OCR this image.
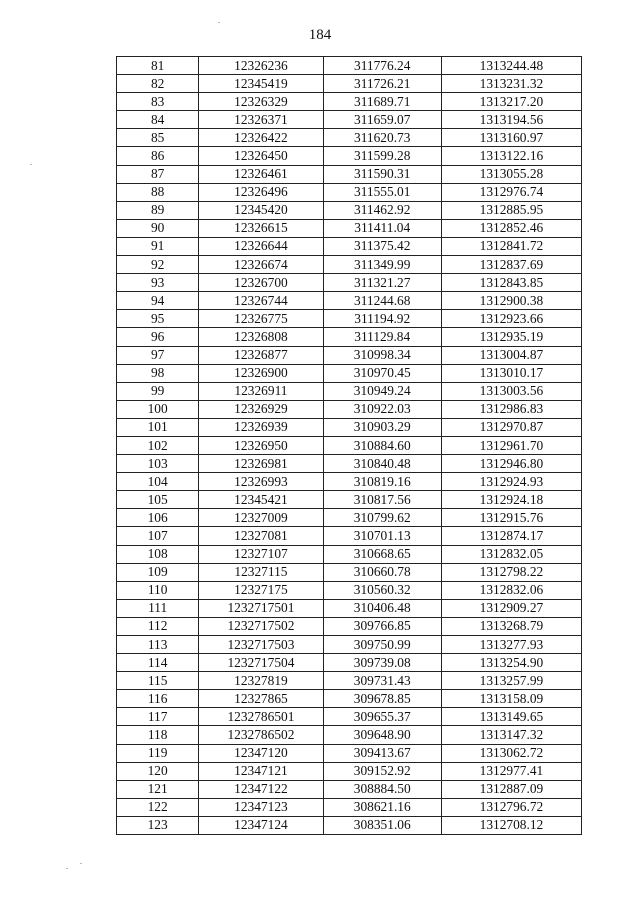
184
81	12326236	311776.24	1313244.48
82	12345419	311726.21	1313231.32
83	12326329	311689.71	1313217.20
84	12326371	311659.07	1313194.56
85	12326422	311620.73	1313160.97
86	12326450	311599.28	1313122.16
87	12326461	311590.31	1313055.28
88	12326496	311555.01	1312976.74
89	12345420	311462.92	1312885.95
90	12326615	311411.04	1312852.46
91	12326644	311375.42	1312841.72
92	12326674	311349.99	1312837.69
93	12326700	311321.27	1312843.85
94	12326744	311244.68	1312900.38
95	12326775	311194.92	1312923.66
96	12326808	311129.84	1312935.19
97	12326877	310998.34	1313004.87
98	12326900	310970.45	1313010.17
99	12326911	310949.24	1313003.56
100	12326929	310922.03	1312986.83
101	12326939	310903.29	1312970.87
102	12326950	310884.60	1312961.70
103	12326981	310840.48	1312946.80
104	12326993	310819.16	1312924.93
105	12345421	310817.56	1312924.18
106	12327009	310799.62	1312915.76
107	12327081	310701.13	1312874.17
108	12327107	310668.65	1312832.05
109	12327115	310660.78	1312798.22
110	12327175	310560.32	1312832.06
111	1232717501	310406.48	1312909.27
112	1232717502	309766.85	1313268.79
113	1232717503	309750.99	1313277.93
114	1232717504	309739.08	1313254.90
115	12327819	309731.43	1313257.99
116	12327865	309678.85	1313158.09
117	1232786501	309655.37	1313149.65
118	1232786502	309648.90	1313147.32
119	12347120	309413.67	1313062.72
120	12347121	309152.92	1312977.41
121	12347122	308884.50	1312887.09
122	12347123	308621.16	1312796.72
123	12347124	308351.06	1312708.12
